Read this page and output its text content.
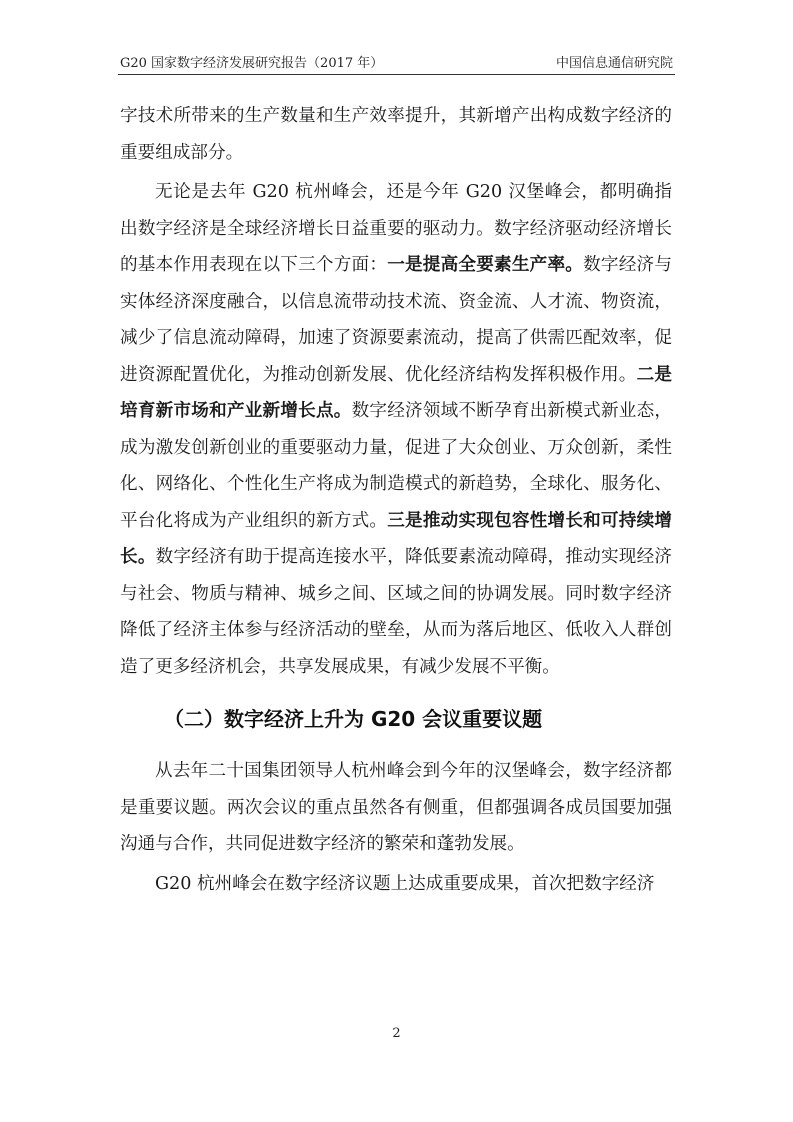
G20 国家数字经济发展研究报告（2017 年）	中国信息通信研究院

字技术所带来的生产数量和生产效率提升，其新增产出构成数字经济的重要组成部分。

无论是去年 G20 杭州峰会，还是今年 G20 汉堡峰会，都明确指出数字经济是全球经济增长日益重要的驱动力。数字经济驱动经济增长的基本作用表现在以下三个方面：一是提高全要素生产率。数字经济与实体经济深度融合，以信息流带动技术流、资金流、人才流、物资流，减少了信息流动障碍，加速了资源要素流动，提高了供需匹配效率，促进资源配置优化，为推动创新发展、优化经济结构发挥积极作用。二是培育新市场和产业新增长点。数字经济领域不断孕育出新模式新业态，成为激发创新创业的重要驱动力量，促进了大众创业、万众创新，柔性化、网络化、个性化生产将成为制造模式的新趋势，全球化、服务化、平台化将成为产业组织的新方式。三是推动实现包容性增长和可持续增长。数字经济有助于提高连接水平，降低要素流动障碍，推动实现经济与社会、物质与精神、城乡之间、区域之间的协调发展。同时数字经济降低了经济主体参与经济活动的壁垒，从而为落后地区、低收入人群创造了更多经济机会，共享发展成果，有减少发展不平衡。

（二）数字经济上升为 G20 会议重要议题

从去年二十国集团领导人杭州峰会到今年的汉堡峰会，数字经济都是重要议题。两次会议的重点虽然各有侧重，但都强调各成员国要加强沟通与合作，共同促进数字经济的繁荣和蓬勃发展。

G20 杭州峰会在数字经济议题上达成重要成果，首次把数字经济

2
